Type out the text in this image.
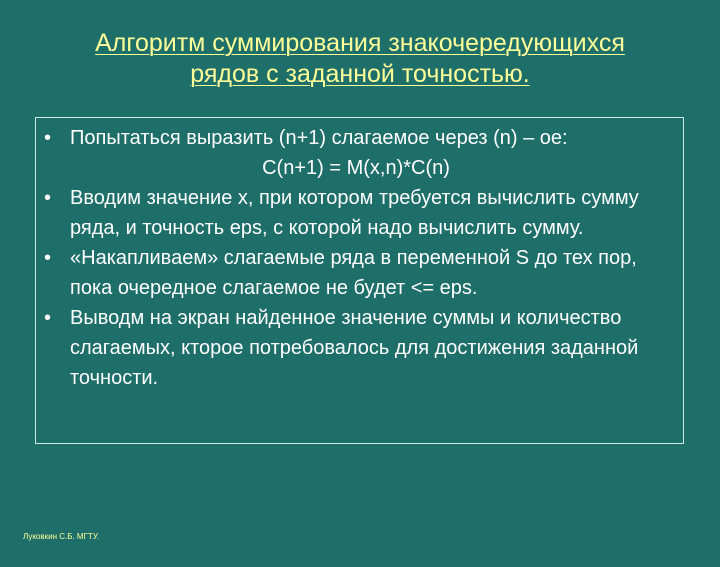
Алгоритм суммирования знакочередующихся
рядов с заданной точностью.
• Попытаться выразить (n+1) слагаемое через (n) – ое:
C(n+1) = M(x,n)*C(n)
• Вводим значение x, при котором требуется вычислить сумму ряда, и точность eps, с которой надо вычислить сумму.
• «Накапливаем» слагаемые ряда в переменной S до тех пор, пока очередное слагаемое не будет <= eps.
• Выводм на экран найденное значение суммы и количество слагаемых, кторое потребовалось для достижения заданной точности.
Луковкин С.Б. МГТУ.
